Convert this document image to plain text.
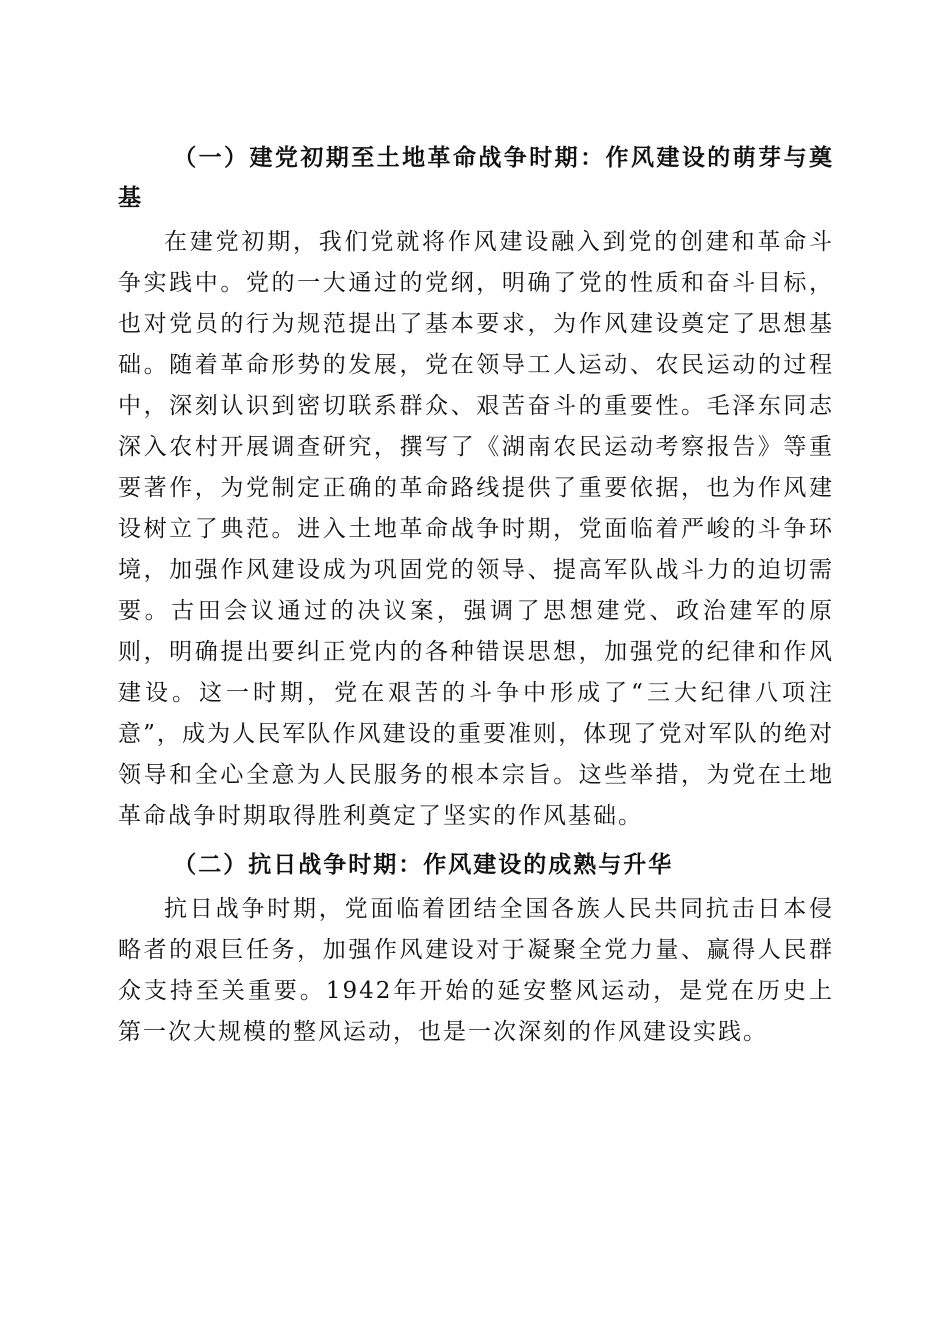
（一）建党初期至土地革命战争时期：作风建设的萌芽与奠基

在建党初期，我们党就将作风建设融入到党的创建和革命斗争实践中。党的一大通过的党纲，明确了党的性质和奋斗目标，也对党员的行为规范提出了基本要求，为作风建设奠定了思想基础。随着革命形势的发展，党在领导工人运动、农民运动的过程中，深刻认识到密切联系群众、艰苦奋斗的重要性。毛泽东同志深入农村开展调查研究，撰写了《湖南农民运动考察报告》等重要著作，为党制定正确的革命路线提供了重要依据，也为作风建设树立了典范。进入土地革命战争时期，党面临着严峻的斗争环境，加强作风建设成为巩固党的领导、提高军队战斗力的迫切需要。古田会议通过的决议案，强调了思想建党、政治建军的原则，明确提出要纠正党内的各种错误思想，加强党的纪律和作风建设。这一时期，党在艰苦的斗争中形成了“三大纪律八项注意”，成为人民军队作风建设的重要准则，体现了党对军队的绝对领导和全心全意为人民服务的根本宗旨。这些举措，为党在土地革命战争时期取得胜利奠定了坚实的作风基础。

（二）抗日战争时期：作风建设的成熟与升华

抗日战争时期，党面临着团结全国各族人民共同抗击日本侵略者的艰巨任务，加强作风建设对于凝聚全党力量、赢得人民群众支持至关重要。1942年开始的延安整风运动，是党在历史上第一次大规模的整风运动，也是一次深刻的作风建设实践。
